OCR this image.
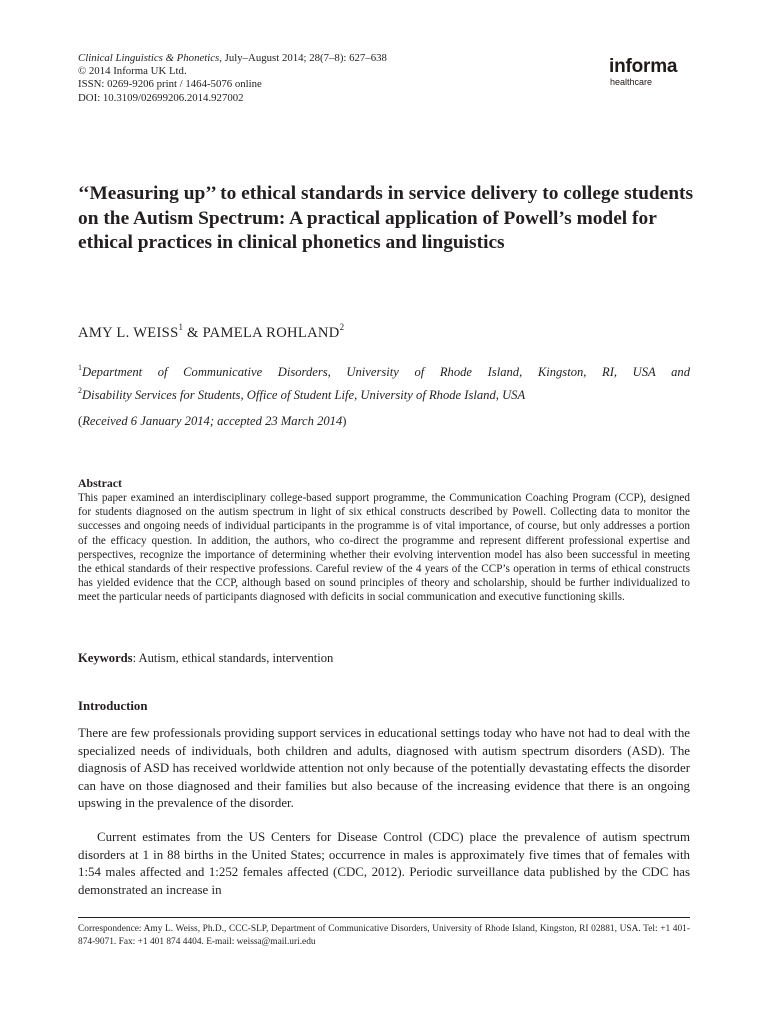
Clinical Linguistics & Phonetics, July–August 2014; 28(7–8): 627–638
© 2014 Informa UK Ltd.
ISSN: 0269-9206 print / 1464-5076 online
DOI: 10.3109/02699206.2014.927002
informa
healthcare
‘‘Measuring up’’ to ethical standards in service delivery to college students on the Autism Spectrum: A practical application of Powell’s model for ethical practices in clinical phonetics and linguistics
AMY L. WEISS$^1$ & PAMELA ROHLAND$^2$
$^1$Department of Communicative Disorders, University of Rhode Island, Kingston, RI, USA and
$^2$Disability Services for Students, Office of Student Life, University of Rhode Island, USA
(Received 6 January 2014; accepted 23 March 2014)
Abstract
This paper examined an interdisciplinary college-based support programme, the Communication Coaching Program (CCP), designed for students diagnosed on the autism spectrum in light of six ethical constructs described by Powell. Collecting data to monitor the successes and ongoing needs of individual participants in the programme is of vital importance, of course, but only addresses a portion of the efficacy question. In addition, the authors, who co-direct the programme and represent different professional expertise and perspectives, recognize the importance of determining whether their evolving intervention model has also been successful in meeting the ethical standards of their respective professions. Careful review of the 4 years of the CCP’s operation in terms of ethical constructs has yielded evidence that the CCP, although based on sound principles of theory and scholarship, should be further individualized to meet the particular needs of participants diagnosed with deficits in social communication and executive functioning skills.
Keywords: Autism, ethical standards, intervention
Introduction

There are few professionals providing support services in educational settings today who have not had to deal with the specialized needs of individuals, both children and adults, diagnosed with autism spectrum disorders (ASD). The diagnosis of ASD has received worldwide attention not only because of the potentially devastating effects the disorder can have on those diagnosed and their families but also because of the increasing evidence that there is an ongoing upswing in the prevalence of the disorder.

Current estimates from the US Centers for Disease Control (CDC) place the prevalence of autism spectrum disorders at 1 in 88 births in the United States; occurrence in males is approximately five times that of females with 1:54 males affected and 1:252 females affected (CDC, 2012). Periodic surveillance data published by the CDC has demonstrated an increase in

Correspondence: Amy L. Weiss, Ph.D., CCC-SLP, Department of Communicative Disorders, University of Rhode Island, Kingston, RI 02881, USA. Tel: +1 401-874-9071. Fax: +1 401 874 4404. E-mail: weissa@mail.uri.edu
